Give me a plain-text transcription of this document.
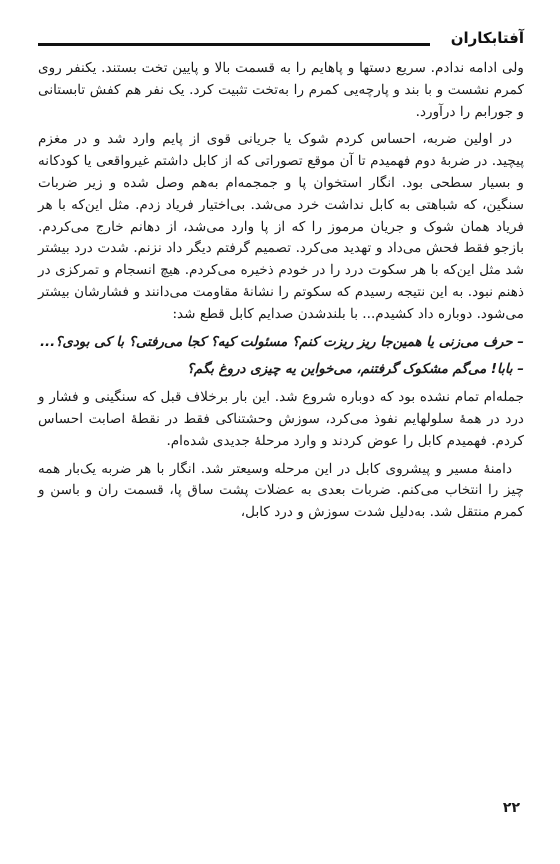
آفتابکاران

ولی ادامه ندادم. سریع دستها و پاهایم را به قسمت بالا و پایین تخت بستند. یکنفر روی کمرم نشست و با بند و پارچه‌یی کمرم را به‌تخت تثبیت کرد. یک نفر هم کفش تابستانی و جورابم را درآورد.

در اولین ضربه، احساس کردم شوک یا جریانی قوی از پایم وارد شد و در مغزم پیچید. در ضربهٔ دوم فهمیدم تا آن موقع تصوراتی که از کابل داشتم غیرواقعی یا کودکانه و بسیار سطحی بود. انگار استخوان پا و جمجمه‌ام به‌هم وصل شده و زیر ضربات سنگین، که شباهتی به کابل نداشت خرد می‌شد. بی‌اختیار فریاد زدم. مثل این‌که با هر فریاد همان شوک و جریان مرموز را که از پا وارد می‌شد، از دهانم خارج می‌کردم. بازجو فقط فحش می‌داد و تهدید می‌کرد. تصمیم گرفتم دیگر داد نزنم. شدت درد بیشتر شد مثل این‌که با هر سکوت درد را در خودم ذخیره می‌کردم. هیچ انسجام و تمرکزی در ذهنم نبود. به این نتیجه رسیدم که سکوتم را نشانهٔ مقاومت می‌دانند و فشارشان بیشتر می‌شود. دوباره داد کشیدم... با بلندشدن صدایم کابل قطع شد:

– حرف می‌زنی یا همین‌جا ریز ریزت کنم؟ مسئولت کیه؟ کجا می‌رفتی؟ با کی بودی؟...

– بابا! می‌گم مشکوک گرفتنم، می‌خواین یه چیزی دروغ بگم؟

جمله‌ام تمام نشده بود که دوباره شروع شد. این بار برخلاف قبل که سنگینی و فشار و درد در همهٔ سلولهایم نفوذ می‌کرد، سوزش وحشتناکی فقط در نقطهٔ اصابت احساس کردم. فهمیدم کابل را عوض کردند و وارد مرحلهٔ جدیدی شده‌ام.

دامنهٔ مسیر و پیشروی کابل در این مرحله وسیعتر شد. انگار با هر ضربه یک‌بار همه چیز را انتخاب می‌کنم. ضربات بعدی به عضلات پشت ساق پا، قسمت ران و باسن و کمرم منتقل شد. به‌دلیل شدت سوزش و درد کابل،

۲۲
